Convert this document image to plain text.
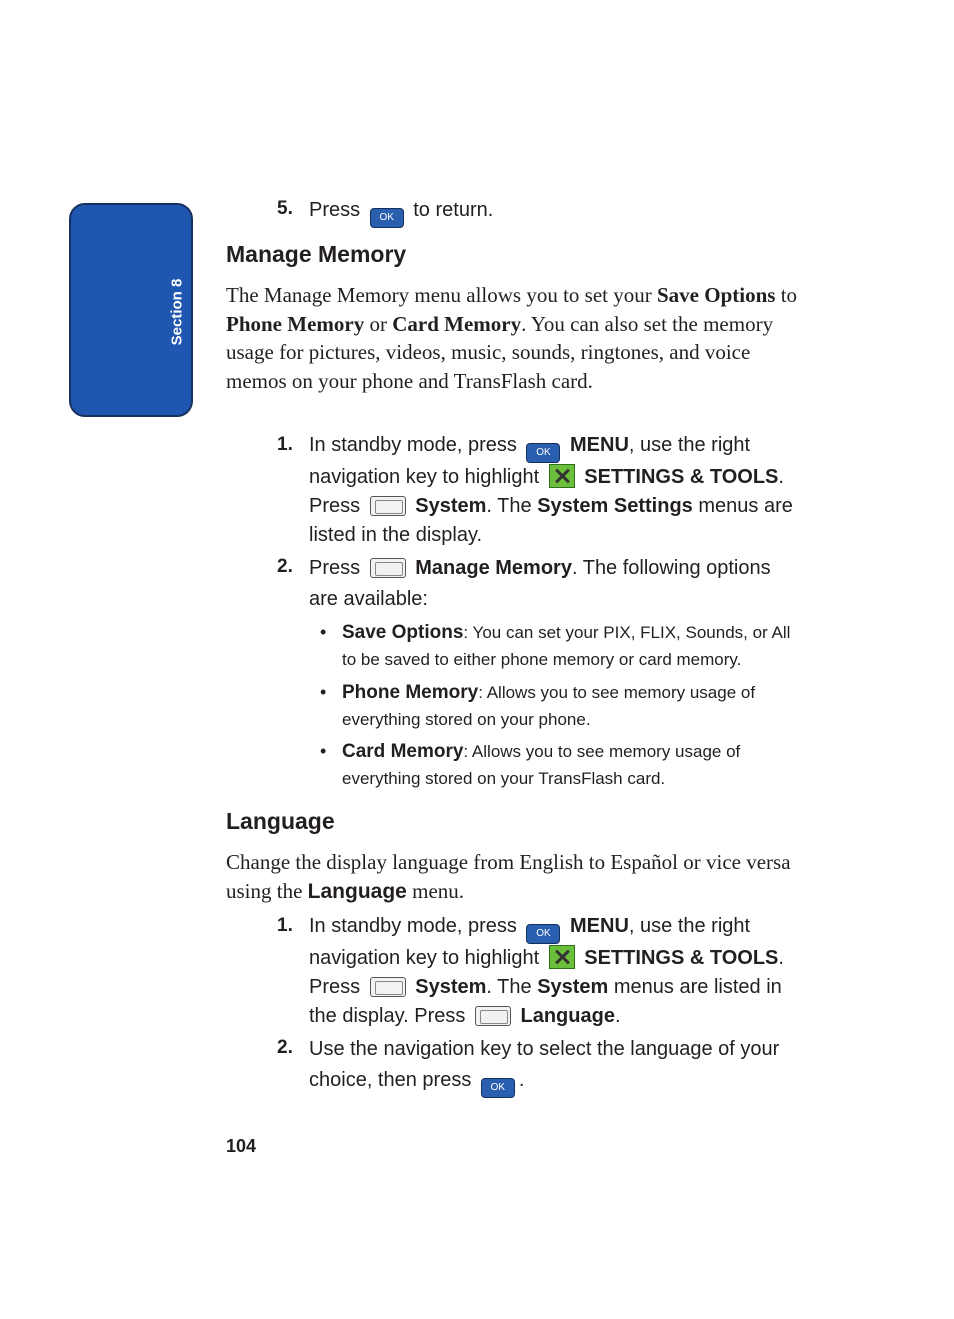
Section 8
5. Press OK to return.
Manage Memory
The Manage Memory menu allows you to set your Save Options to Phone Memory or Card Memory. You can also set the memory usage for pictures, videos, music, sounds, ringtones, and voice memos on your phone and TransFlash card.
1. In standby mode, press OK MENU, use the right navigation key to highlight SETTINGS & TOOLS. Press	System. The System Settings menus are listed in the display.
2. Press	Manage Memory. The following options are available:
• Save Options: You can set your PIX, FLIX, Sounds, or All to be saved to either phone memory or card memory.
• Phone Memory: Allows you to see memory usage of everything stored on your phone.
• Card Memory: Allows you to see memory usage of everything stored on your TransFlash card.
Language
Change the display language from English to Español or vice versa using the Language menu.
1. In standby mode, press OK MENU, use the right navigation key to highlight SETTINGS & TOOLS. Press	System. The System menus are listed in the display. Press	Language.
2. Use the navigation key to select the language of your choice, then press OK .
104
